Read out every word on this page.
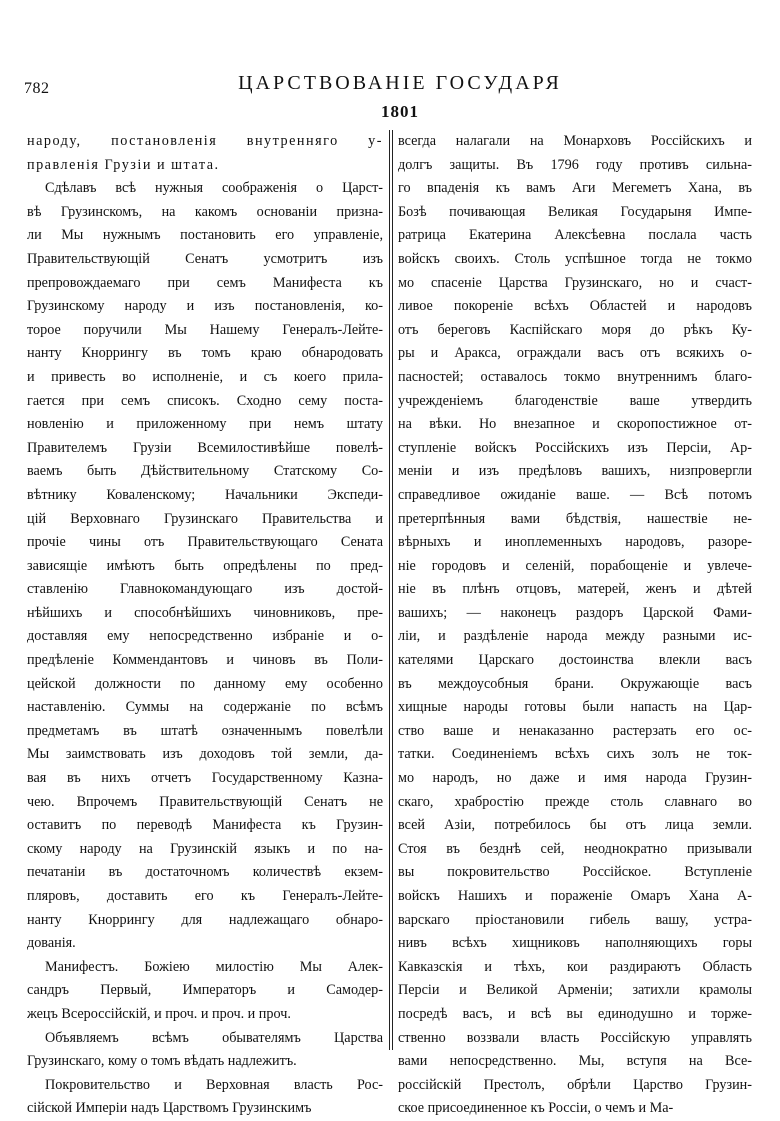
782	ЦАРСТВОВАНІЕ ГОСУДАРЯ
1801
народу, постановленія внутренняго у-
правленія Грузіи и штата.
Сдѣлавъ всѣ нужныя соображенія о Царст-
вѣ Грузинскомъ, на какомъ основаніи призна-
ли Мы нужнымъ постановить его управленіе,
Правительствующій Сенатъ усмотритъ изъ
препровождаемаго при семъ Манифеста къ
Грузинскому народу и изъ постановленія, ко-
торое поручили Мы Нашему Генералъ-Лейте-
нанту Кноррингу въ томъ краю обнародовать
и привесть во исполненіе, и съ коего прила-
гается при семъ списокъ. Сходно сему поста-
новленію и приложенному при немъ штату
Правителемъ Грузіи Всемилостивѣйше повелѣ-
ваемъ быть Дѣйствительному Статскому Со-
вѣтнику Коваленскому; Начальники Экспеди-
цій Верховнаго Грузинскаго Правительства и
прочіе чины отъ Правительствующаго Сената
зависящіе имѣютъ быть опредѣлены по пред-
ставленію Главнокомандующаго изъ достой-
нѣйшихъ и способнѣйшихъ чиновниковъ, пре-
доставляя ему непосредственно избраніе и о-
предѣленіе Коммендантовъ и чиновъ въ Поли-
цейской должности по данному ему особенно
наставленію. Суммы на содержаніе по всѣмъ
предметамъ въ штатѣ означеннымъ повелѣли
Мы заимствовать изъ доходовъ той земли, да-
вая въ нихъ отчетъ Государственному Казна-
чею. Впрочемъ Правительствующій Сенатъ не
оставитъ по переводѣ Манифеста къ Грузин-
скому народу на Грузинскій языкъ и по на-
печатаніи въ достаточномъ количествѣ екзем-
пляровъ, доставить его къ Генералъ-Лейте-
нанту Кноррингу для надлежащаго обнаро-
дованія.
Манифестъ. Божіею милостію Мы Алек-
сандръ Первый, Императоръ и Самодер-
жецъ Всероссійскій, и проч. и проч. и проч.
Объявляемъ всѣмъ обывателямъ Царства
Грузинскаго, кому о томъ вѣдать надлежитъ.
Покровительство и Верховная власть Рос-
сійской Имперіи надъ Царствомъ Грузинскимъ
всегда налагали на Монарховъ Россійскихъ и
долгъ защиты. Въ 1796 году противъ сильна-
го впаденія къ вамъ Аги Мегеметъ Хана, въ
Бозѣ почивающая Великая Государыня Импе-
ратрица Екатерина Алексѣевна послала часть
войскъ своихъ. Столь успѣшное тогда не токмо
мо спасеніе Царства Грузинскаго, но и счаст-
ливое покореніе всѣхъ Областей и народовъ
отъ береговъ Каспійскаго моря до рѣкъ Ку-
ры и Аракса, ограждали васъ отъ всякихъ о-
пасностей; оставалось токмо внутреннимъ благо-
учрежденіемъ благоденствіе ваше утвердить
на вѣки. Но внезапное и скоропостижное от-
ступленіе войскъ Россійскихъ изъ Персіи, Ар-
меніи и изъ предѣловъ вашихъ, низпровергли
справедливое ожиданіе ваше. — Всѣ потомъ
претерпѣнныя вами бѣдствія, нашествіе не-
вѣрныхъ и иноплеменныхъ народовъ, разоре-
ніе городовъ и селеній, порабощеніе и увлече-
ніе въ плѣнъ отцовъ, матерей, женъ и дѣтей
вашихъ; — наконецъ раздоръ Царской Фами-
ліи, и раздѣленіе народа между разными ис-
кателями Царскаго достоинства влекли васъ
въ междоусобныя брани. Окружающіе васъ
хищные народы готовы были напасть на Цар-
ство ваше и ненаказанно растерзать его ос-
татки. Соединеніемъ всѣхъ сихъ золъ не ток-
мо народъ, но даже и имя народа Грузин-
скаго, храбростію прежде столь славнаго во
всей Азіи, потребилось бы отъ лица земли.
Стоя въ безднѣ сей, неоднократно призывали
вы покровительство Россійское. Вступленіе
войскъ Нашихъ и пораженіе Омаръ Хана А-
варскаго пріостановили гибель вашу, устра-
нивъ всѣхъ хищниковъ наполняющихъ горы
Кавказскія и тѣхъ, кои раздираютъ Область
Персіи и Великой Арменіи; затихли крамолы
посредѣ васъ, и всѣ вы единодушно и торже-
ственно воззвали власть Россійскую управлять
вами непосредственно. Мы, вступя на Все-
россійскій Престолъ, обрѣли Царство Грузин-
ское присоединенное къ Россіи, о чемъ и Ма-
